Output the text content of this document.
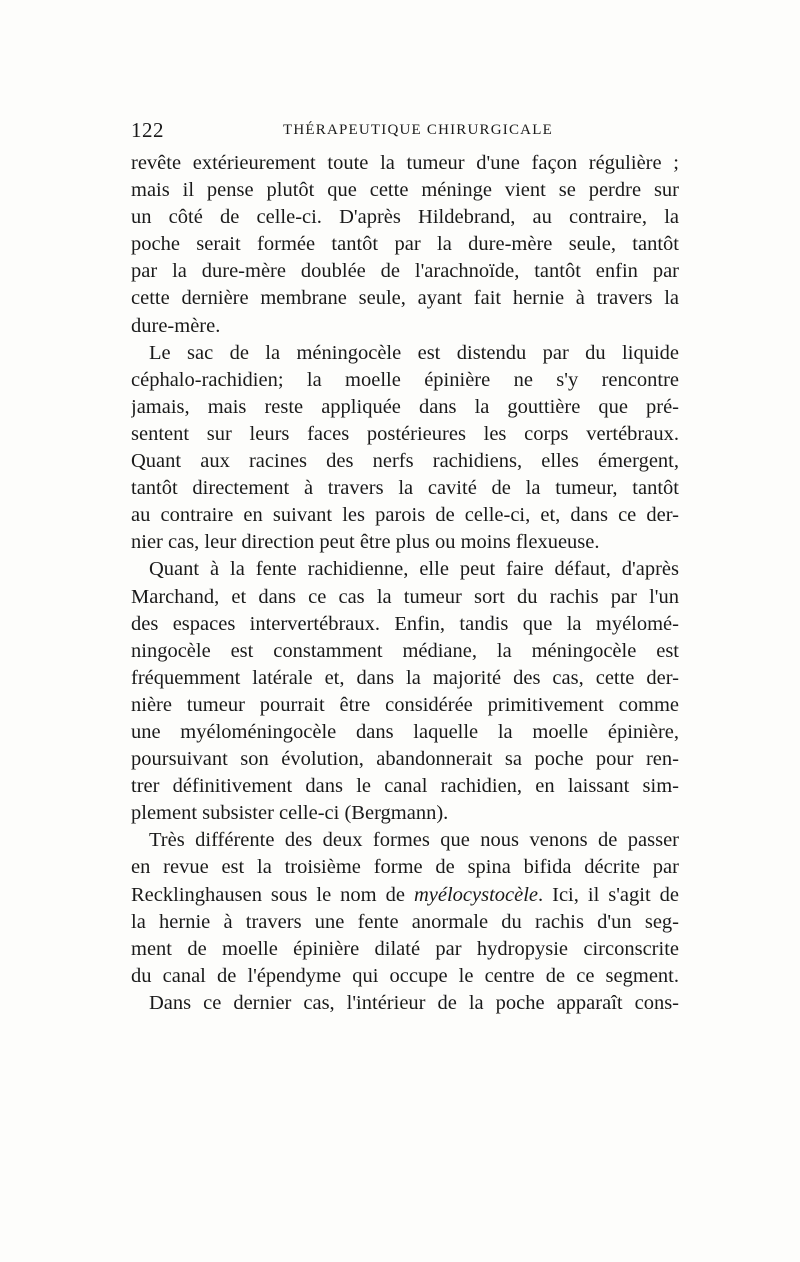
122	THÉRAPEUTIQUE CHIRURGICALE
revêtе extérieurement toute la tumeur d'une façon régulière ;
mais il pense plutôt que cette méninge vient se perdre sur
un côté de celle-ci. D'après Hildebrand, au contraire, la
poche serait formée tantôt par la dure-mère seule, tantôt
par la dure-mère doublée de l'arachnoïde, tantôt enfin par
cette dernière membrane seule, ayant fait hernie à travers la
dure-mère.
Le sac de la méningocèle est distendu par du liquide
céphalo-rachidien; la moelle épinière ne s'y rencontre
jamais, mais reste appliquée dans la gouttière que pré-
sentent sur leurs faces postérieures les corps vertébraux.
Quant aux racines des nerfs rachidiens, elles émergent,
tantôt directement à travers la cavité de la tumeur, tantôt
au contraire en suivant les parois de celle-ci, et, dans ce der-
nier cas, leur direction peut être plus ou moins flexueuse.
Quant à la fente rachidienne, elle peut faire défaut, d'après
Marchand, et dans ce cas la tumeur sort du rachis par l'un
des espaces intervertébraux. Enfin, tandis que la myélomé-
ningocèle est constamment médiane, la méningocèle est
fréquemment latérale et, dans la majorité des cas, cette der-
nière tumeur pourrait être considérée primitivement comme
une myéloméningocèle dans laquelle la moelle épinière,
poursuivant son évolution, abandonnerait sa poche pour ren-
trer définitivement dans le canal rachidien, en laissant sim-
plement subsister celle-ci (Bergmann).
Très différente des deux formes que nous venons de passer
en revue est la troisième forme de spina bifida décrite par
Recklinghausen sous le nom de myélocystocèle. Ici, il s'agit de
la hernie à travers une fente anormale du rachis d'un seg-
ment de moelle épinière dilaté par hydropysie circonscrite
du canal de l'épendyme qui occupe le centre de ce segment.
Dans ce dernier cas, l'intérieur de la poche apparaît cons-
